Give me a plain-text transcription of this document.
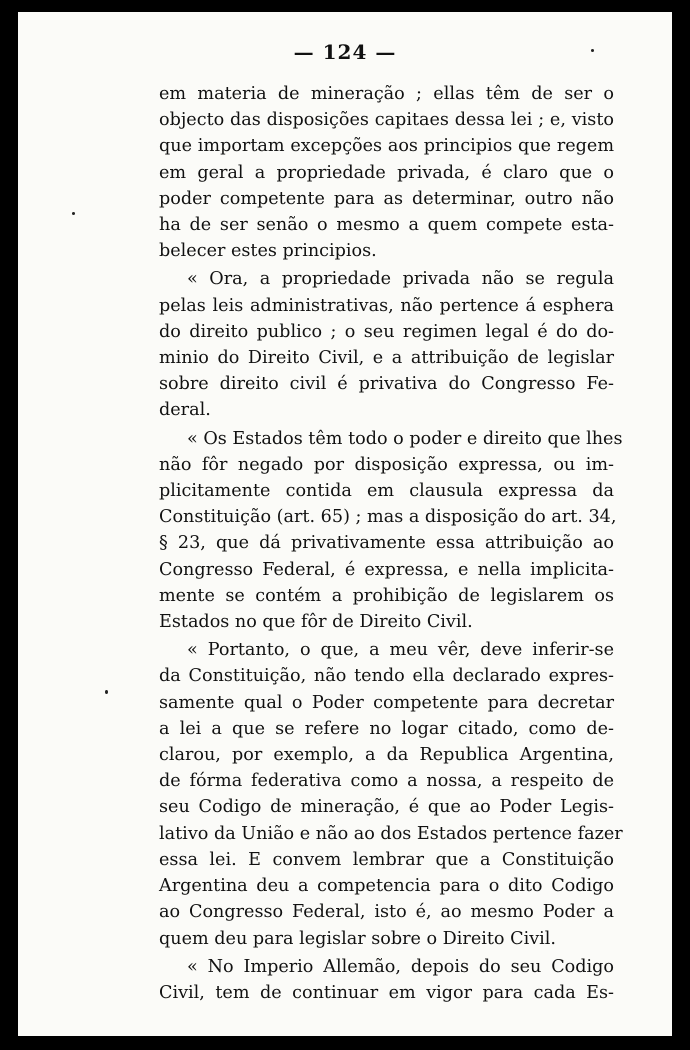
— 124 —

em materia de mineração ; ellas têm de ser o
objecto das disposições capitaes dessa lei ; e, visto
que importam excepções aos principios que regem
em geral a propriedade privada, é claro que o
poder competente para as determinar, outro não
ha de ser senão o mesmo a quem compete esta-
belecer estes principios.

« Ora, a propriedade privada não se regula
pelas leis administrativas, não pertence á esphera
do direito publico ; o seu regimen legal é do do-
minio do Direito Civil, e a attribuição de legislar
sobre direito civil é privativa do Congresso Fe-
deral.

« Os Estados têm todo o poder e direito que lhes
não fôr negado por disposição expressa, ou im-
plicitamente contida em clausula expressa da
Constituição (art. 65) ; mas a disposição do art. 34,
§ 23, que dá privativamente essa attribuição ao
Congresso Federal, é expressa, e nella implicita-
mente se contém a prohibição de legislarem os
Estados no que fôr de Direito Civil.

« Portanto, o que, a meu vêr, deve inferir-se
da Constituição, não tendo ella declarado expres-
samente qual o Poder competente para decretar
a lei a que se refere no logar citado, como de-
clarou, por exemplo, a da Republica Argentina,
de fórma federativa como a nossa, a respeito de
seu Codigo de mineração, é que ao Poder Legis-
lativo da União e não ao dos Estados pertence fazer
essa lei. E convem lembrar que a Constituição
Argentina deu a competencia para o dito Codigo
ao Congresso Federal, isto é, ao mesmo Poder a
quem deu para legislar sobre o Direito Civil.

« No Imperio Allemão, depois do seu Codigo
Civil, tem de continuar em vigor para cada Es-
